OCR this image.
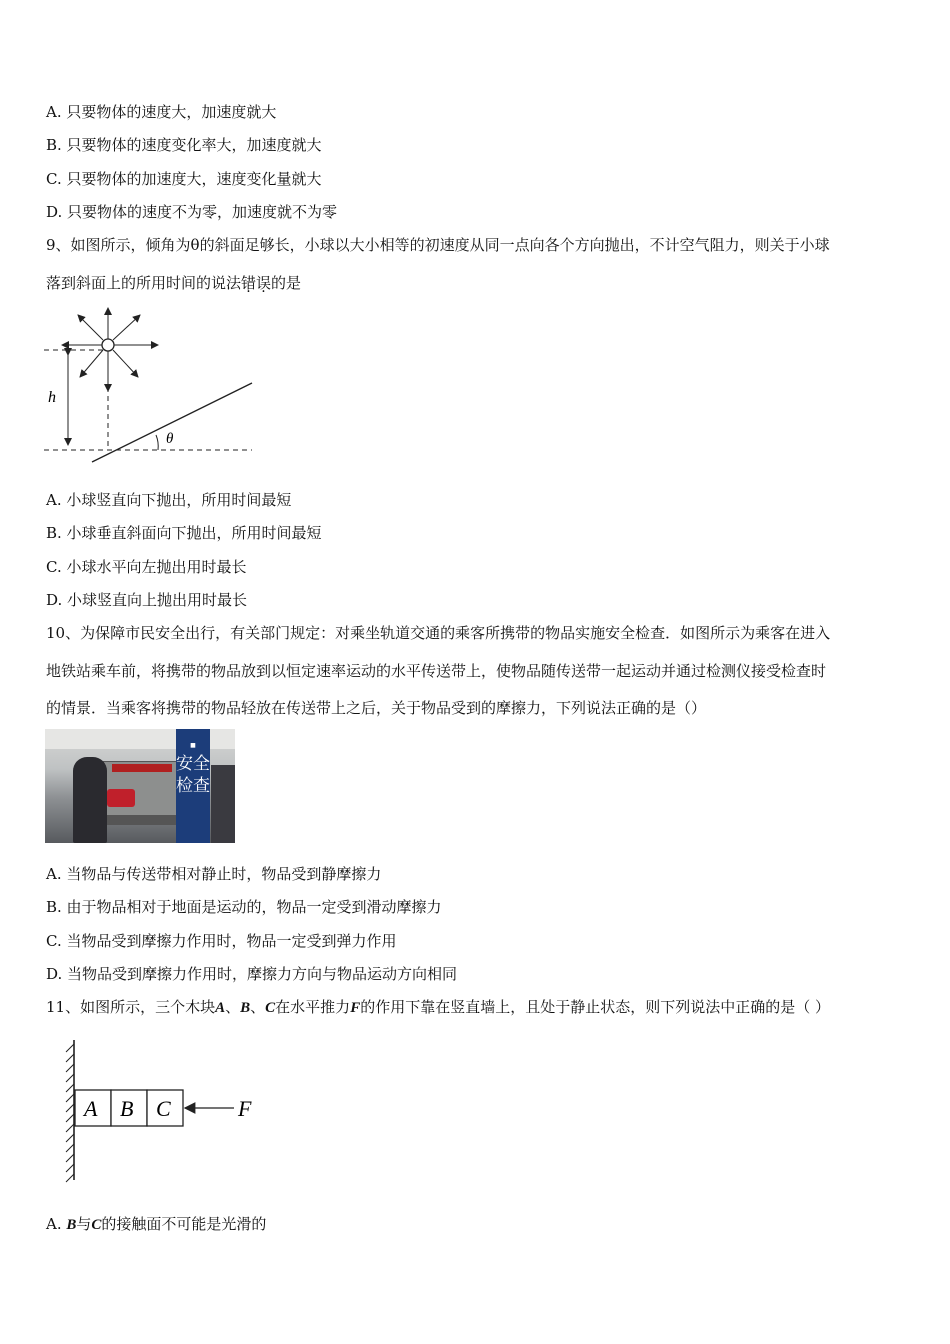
A. 只要物体的速度大，加速度就大
B. 只要物体的速度变化率大，加速度就大
C. 只要物体的加速度大，速度变化量就大
D. 只要物体的速度不为零，加速度就不为零
9、如图所示，倾角为θ的斜面足够长，小球以大小相等的初速度从同一点向各个方向抛出，不计空气阻力，则关于小球
落到斜面上的所用时间的说法错误的是
h
θ
A. 小球竖直向下抛出，所用时间最短
B. 小球垂直斜面向下抛出，所用时间最短
C. 小球水平向左抛出用时最长
D. 小球竖直向上抛出用时最长
10、为保障市民安全出行，有关部门规定：对乘坐轨道交通的乘客所携带的物品实施安全检查．如图所示为乘客在进入
地铁站乘车前，将携带的物品放到以恒定速率运动的水平传送带上，使物品随传送带一起运动并通过检测仪接受检查时
的情景．当乘客将携带的物品轻放在传送带上之后，关于物品受到的摩擦力，下列说法正确的是（）
■
安全检查
A. 当物品与传送带相对静止时，物品受到静摩擦力
B. 由于物品相对于地面是运动的，物品一定受到滑动摩擦力
C. 当物品受到摩擦力作用时，物品一定受到弹力作用
D. 当物品受到摩擦力作用时，摩擦力方向与物品运动方向相同
11、如图所示，三个木块A、B、C在水平推力F的作用下靠在竖直墙上，且处于静止状态，则下列说法中正确的是（ ）
A B C	F
A. B与C的接触面不可能是光滑的
